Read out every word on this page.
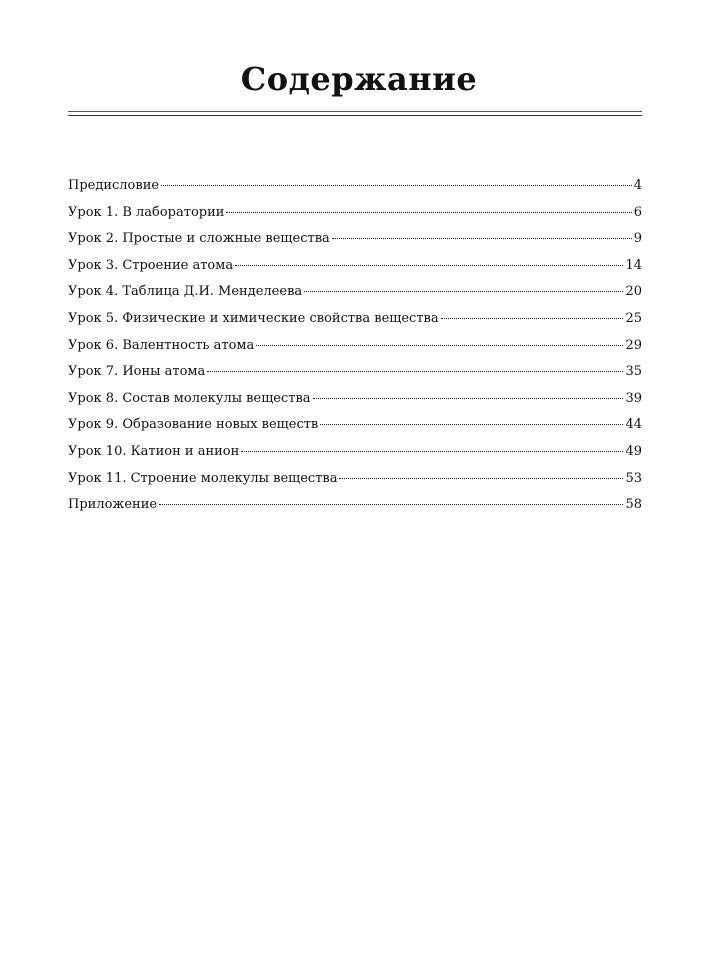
Содержание
Предисловие	4
Урок 1. В лаборатории	6
Урок 2. Простые и сложные вещества	9
Урок 3. Строение атома	14
Урок 4. Таблица Д.И. Менделеева	20
Урок 5. Физические и химические свойства веществa	25
Урок 6. Валентность атома	29
Урок 7. Ионы атома	35
Урок 8. Состав молекулы вещества	39
Урок 9. Образование новых веществ	44
Урок 10. Катион и анион	49
Урок 11. Строение молекулы вещества	53
Приложение	58
